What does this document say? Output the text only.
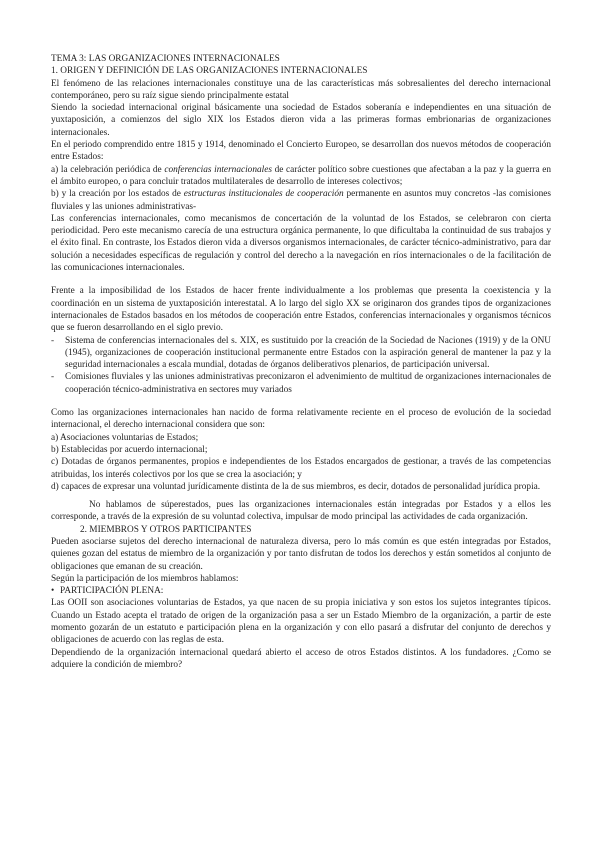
TEMA 3: LAS ORGANIZACIONES INTERNACIONALES

1. ORIGEN Y DEFINICIÓN DE LAS ORGANIZACIONES INTERNACIONALES

El fenómeno de las relaciones internacionales constituye una de las características más sobresalientes del derecho internacional contemporáneo, pero su raíz sigue siendo principalmente estatal

Siendo la sociedad internacional original básicamente una sociedad de Estados soberanía e independientes en una situación de yuxtaposición, a comienzos del siglo XIX los Estados dieron vida a las primeras formas embrionarias de organizaciones internacionales.

En el periodo comprendido entre 1815 y 1914, denominado el Concierto Europeo, se desarrollan dos nuevos métodos de cooperación entre Estados:

a) la celebración periódica de conferencias internacionales de carácter político sobre cuestiones que afectaban a la paz y la guerra en el ámbito europeo, o para concluir tratados multilaterales de desarrollo de intereses colectivos;

b) y la creación por los estados de estructuras institucionales de cooperación permanente en asuntos muy concretos -las comisiones fluviales y las uniones administrativas-

Las conferencias internacionales, como mecanismos de concertación de la voluntad de los Estados, se celebraron con cierta periodicidad. Pero este mecanismo carecía de una estructura orgánica permanente, lo que dificultaba la continuidad de sus trabajos y el éxito final. En contraste, los Estados dieron vida a diversos organismos internacionales, de carácter técnico-administrativo, para dar solución a necesidades específicas de regulación y control del derecho a la navegación en ríos internacionales o de la facilitación de las comunicaciones internacionales.

Frente a la imposibilidad de los Estados de hacer frente individualmente a los problemas que presenta la coexistencia y la coordinación en un sistema de yuxtaposición interestatal. A lo largo del siglo XX se originaron dos grandes tipos de organizaciones internacionales de Estados basados en los métodos de cooperación entre Estados, conferencias internacionales y organismos técnicos que se fueron desarrollando en el siglo previo.

-	Sistema de conferencias internacionales del s. XIX, es sustituido por la creación de la Sociedad de Naciones (1919) y de la ONU (1945), organizaciones de cooperación institucional permanente entre Estados con la aspiración general de mantener la paz y la seguridad internacionales a escala mundial, dotadas de órganos deliberativos plenarios, de participación universal.
-	Comisiones fluviales y las uniones administrativas preconizaron el advenimiento de multitud de organizaciones internacionales de cooperación técnico-administrativa en sectores muy variados

Como las organizaciones internacionales han nacido de forma relativamente reciente en el proceso de evolución de la sociedad internacional, el derecho internacional considera que son:

a) Asociaciones voluntarias de Estados;

b) Establecidas por acuerdo internacional;

c) Dotadas de órganos permanentes, propios e independientes de los Estados encargados de gestionar, a través de las competencias atribuidas, los interés colectivos por los que se crea la asociación; y

d) capaces de expresar una voluntad jurídicamente distinta de la de sus miembros, es decir, dotados de personalidad jurídica propia.

No hablamos de súperestados, pues las organizaciones internacionales están integradas por Estados y a ellos les corresponde, a través de la expresión de su voluntad colectiva, impulsar de modo principal las actividades de cada organización.

2. MIEMBROS Y OTROS PARTICIPANTES

Pueden asociarse sujetos del derecho internacional de naturaleza diversa, pero lo más común es que estén integradas por Estados, quienes gozan del estatus de miembro de la organización y por tanto disfrutan de todos los derechos y están sometidos al conjunto de obligaciones que emanan de su creación.

Según la participación de los miembros hablamos:

• PARTICIPACIÓN PLENA:

Las OOII son asociaciones voluntarias de Estados, ya que nacen de su propia iniciativa y son estos los sujetos integrantes típicos. Cuando un Estado acepta el tratado de origen de la organización pasa a ser un Estado Miembro de la organización, a partir de este momento gozarán de un estatuto e participación plena en la organización y con ello pasará a disfrutar del conjunto de derechos y obligaciones de acuerdo con las reglas de esta.

Dependiendo de la organización internacional quedará abierto el acceso de otros Estados distintos. A los fundadores. ¿Como se adquiere la condición de miembro?
